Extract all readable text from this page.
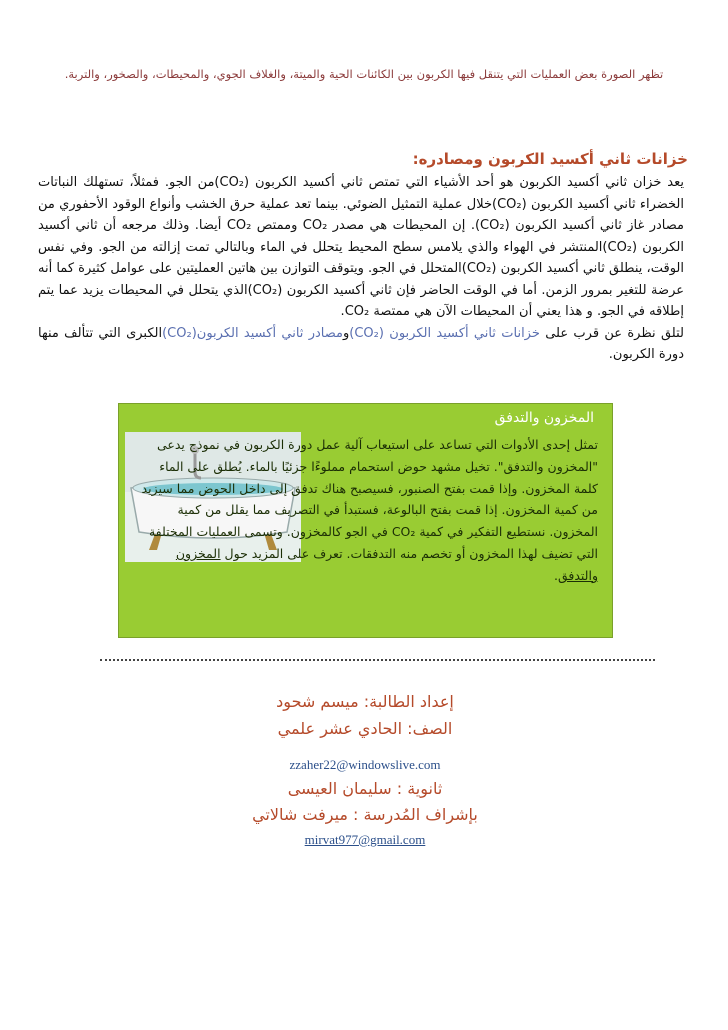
تظهر الصورة بعض العمليات التي يتنقل فيها الكربون بين الكائنات الحية والميتة، والغلاف الجوي، والمحيطات، والصخور، والتربة.
خزانات ثاني أكسيد الكربون ومصادره:

يعد خزان ثاني أكسيد الكربون هو أحد الأشياء التي تمتص ثاني أكسيد الكربون (CO₂)من الجو. فمثلاً، تستهلك النباتات الخضراء ثاني أكسيد الكربون (CO₂)خلال عملية التمثيل الضوئي. بينما تعد عملية حرق الخشب وأنواع الوقود الأحفوري من مصادر غاز ثاني أكسيد الكربون (CO₂). إن المحيطات هي مصدر CO₂ وممتص CO₂ أيضا. وذلك مرجعه أن ثاني أكسيد الكربون (CO₂)المنتشر في الهواء والذي يلامس سطح المحيط يتحلل في الماء وبالتالي تمت إزالته من الجو. وفي نفس الوقت، ينطلق ثاني أكسيد الكربون (CO₂)المتحلل في الجو. ويتوقف التوازن بين هاتين العمليتين على عوامل كثيرة كما أنه عرضة للتغير بمرور الزمن. أما في الوقت الحاضر فإن ثاني أكسيد الكربون (CO₂)الذي يتحلل في المحيطات يزيد عما يتم إطلاقه في الجو. و هذا يعني أن المحيطات الآن هي ممتصة CO₂.

لتلق نظرة عن قرب على خزانات ثاني أكسيد الكربون (CO₂)ومصادر ثاني أكسيد الكربون(CO₂)الكبرى التي تتألف منها دورة الكربون.

المخزون والتدفق
تمثل إحدى الأدوات التي تساعد على استيعاب آلية عمل دورة الكربون في نموذج يدعى "المخزون والتدفق". تخيل مشهد حوض استحمام مملوءًا جزئيًا بالماء. يُطلق على الماء كلمة المخزون. وإذا قمت بفتح الصنبور، فسيصبح هناك تدفق إلى داخل الحوض مما سيزيد من كمية المخزون. إذا قمت بفتح البالوعة، فستبدأ في التصريف مما يقلل من كمية المخزون. نستطيع التفكير في كمية CO₂ في الجو كالمخزون. وتسمى العمليات المختلفة التي تضيف لهذا المخزون أو تخصم منه التدفقات. تعرف على المزيد حول المخزون والتدفق.
إعداد الطالبة: ميسم شحود
الصف: الحادي عشر علمي
zzaher22@windowslive.com
ثانوية : سليمان العيسى
بإشراف المُدرسة : ميرفت شالاتي
mirvat977@gmail.com
